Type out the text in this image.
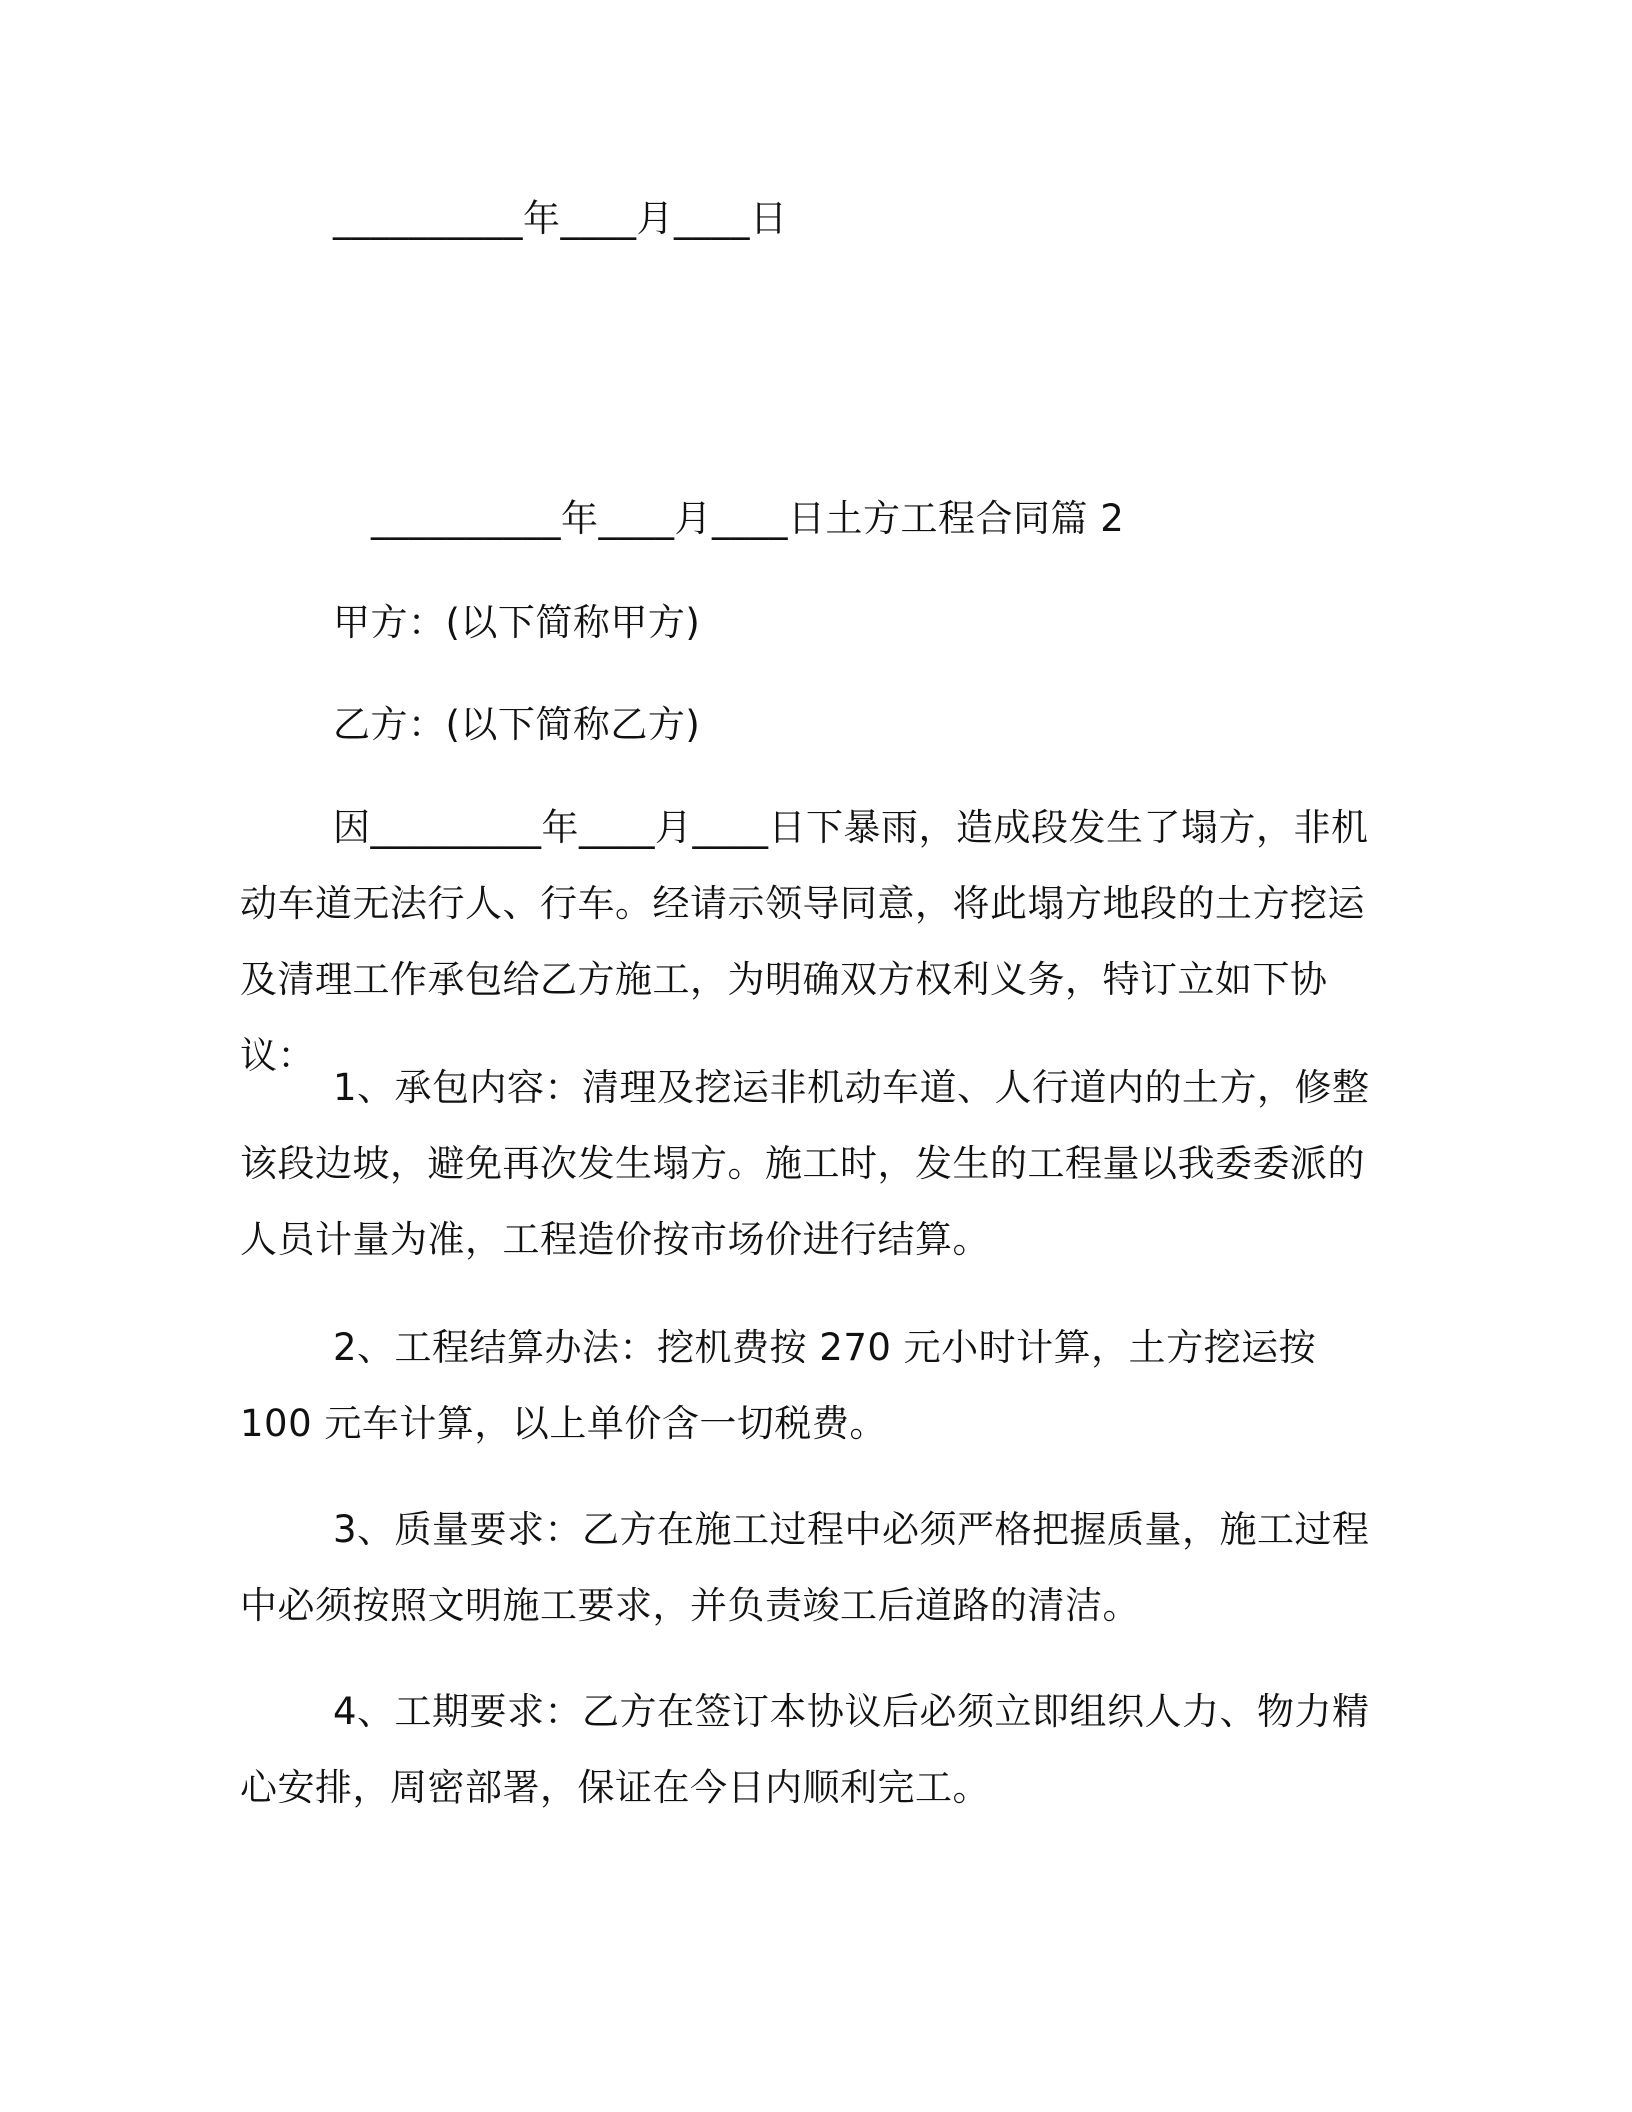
__________年____月____日
__________年____月____日土方工程合同篇 2
甲方：(以下简称甲方)
乙方：(以下简称乙方)
因_________年____月____日下暴雨，造成段发生了塌方，非机动车道无法行人、行车。经请示领导同意，将此塌方地段的土方挖运及清理工作承包给乙方施工，为明确双方权利义务，特订立如下协议：
1、承包内容：清理及挖运非机动车道、人行道内的土方，修整该段边坡，避免再次发生塌方。施工时，发生的工程量以我委委派的人员计量为准，工程造价按市场价进行结算。
2、工程结算办法：挖机费按 270 元小时计算，土方挖运按 100 元车计算，以上单价含一切税费。
3、质量要求：乙方在施工过程中必须严格把握质量，施工过程中必须按照文明施工要求，并负责竣工后道路的清洁。
4、工期要求：乙方在签订本协议后必须立即组织人力、物力精心安排，周密部署，保证在今日内顺利完工。
